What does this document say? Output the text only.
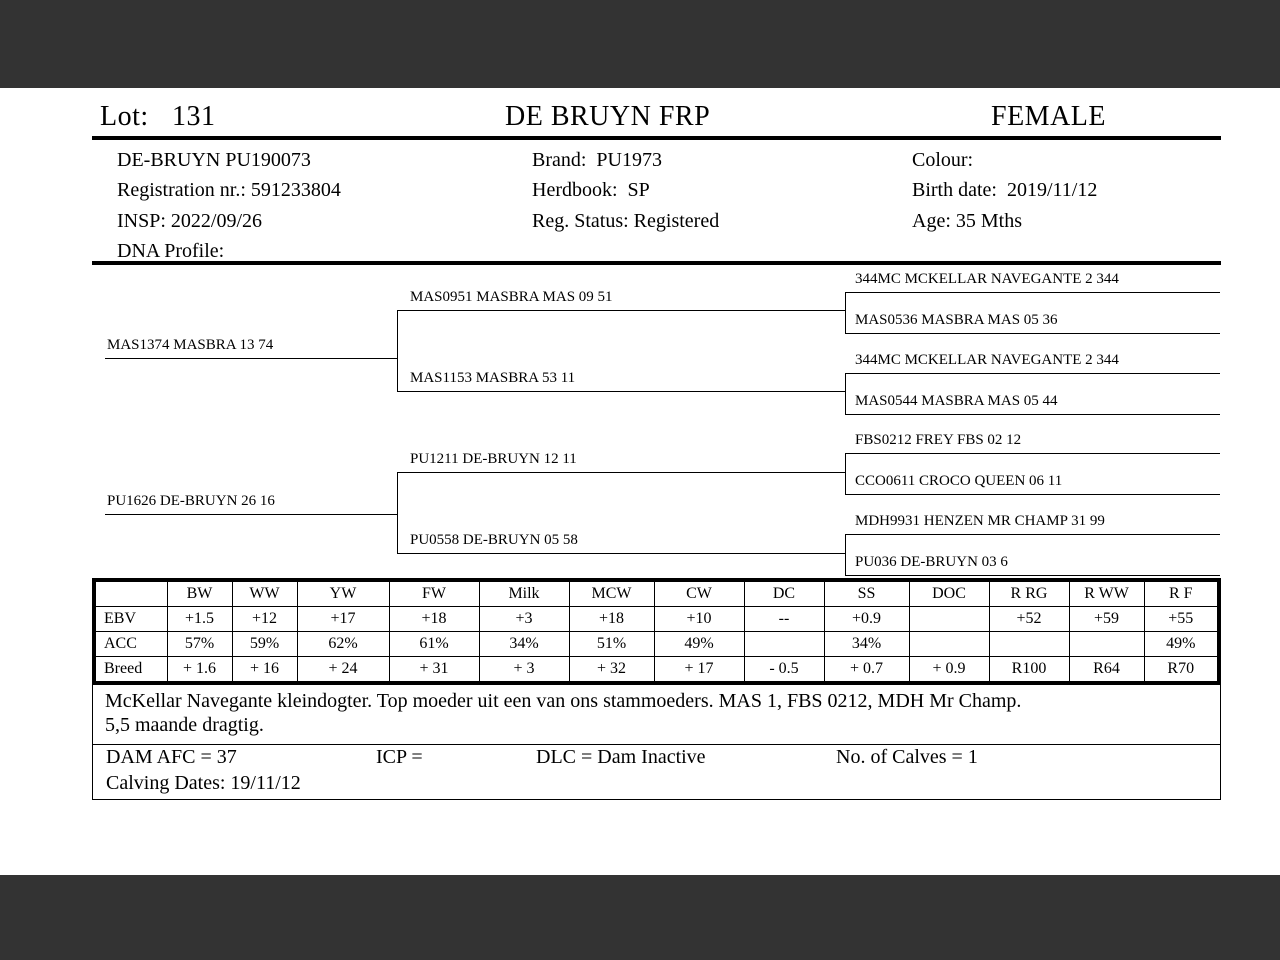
Lot: 131	DE BRUYN FRP	FEMALE
DE-BRUYN PU190073
Registration nr.: 591233804
INSP: 2022/09/26
DNA Profile:
Brand:  PU1973
Herdbook:  SP
Reg. Status: Registered
Colour:
Birth date:  2019/11/12
Age: 35 Mths
MAS1374 MASBRA 13 74
PU1626 DE-BRUYN 26 16
MAS0951 MASBRA MAS 09 51
MAS1153 MASBRA 53 11
PU1211 DE-BRUYN 12 11
PU0558 DE-BRUYN 05 58
344MC MCKELLAR NAVEGANTE 2 344
MAS0536 MASBRA MAS 05 36
344MC MCKELLAR NAVEGANTE 2 344
MAS0544 MASBRA MAS 05 44
FBS0212 FREY FBS 02 12
CCO0611 CROCO QUEEN 06 11
MDH9931 HENZEN MR CHAMP 31 99
PU036 DE-BRUYN 03 6
	BW	WW	YW	FW	Milk	MCW	CW	DC	SS	DOC	R RG	R WW	R F
EBV	+1.5	+12	+17	+18	+3	+18	+10	--	+0.9		+52	+59	+55
ACC	57%	59%	62%	61%	34%	51%	49%		34%				49%
Breed	+ 1.6	+ 16	+ 24	+ 31	+ 3	+ 32	+ 17	- 0.5	+ 0.7	+ 0.9	R100	R64	R70
McKellar Navegante kleindogter. Top moeder uit een van ons stammoeders. MAS 1, FBS 0212, MDH Mr Champ.
5,5 maande dragtig.
DAM AFC = 37	ICP =	DLC = Dam Inactive	No. of Calves = 1
Calving Dates: 19/11/12
